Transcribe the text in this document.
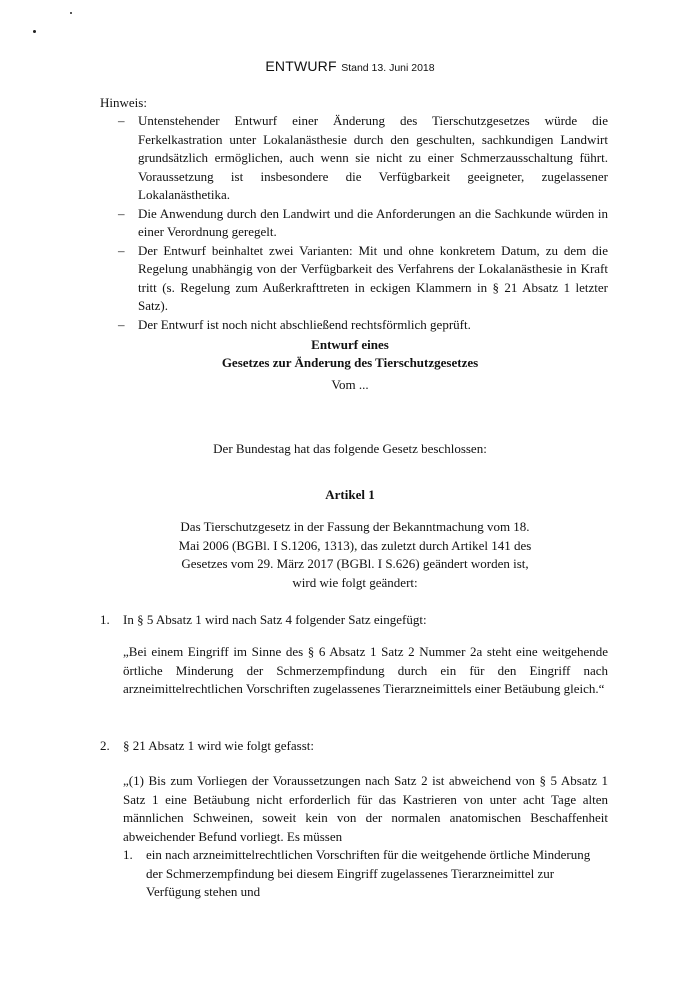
ENTWURF Stand 13. Juni 2018
Hinweis:
– Untenstehender Entwurf einer Änderung des Tierschutzgesetzes würde die Ferkelkastration unter Lokalanästhesie durch den geschulten, sachkundigen Landwirt grundsätzlich ermöglichen, auch wenn sie nicht zu einer Schmerzausschaltung führt. Voraussetzung ist insbesondere die Verfügbarkeit geeigneter, zugelassener Lokalanästhetika.
– Die Anwendung durch den Landwirt und die Anforderungen an die Sachkunde würden in einer Verordnung geregelt.
– Der Entwurf beinhaltet zwei Varianten: Mit und ohne konkretem Datum, zu dem die Regelung unabhängig von der Verfügbarkeit des Verfahrens der Lokalanästhesie in Kraft tritt (s. Regelung zum Außerkrafttreten in eckigen Klammern in § 21 Absatz 1 letzter Satz).
– Der Entwurf ist noch nicht abschließend rechtsförmlich geprüft.
Entwurf eines
Gesetzes zur Änderung des Tierschutzgesetzes
Vom ...
Der Bundestag hat das folgende Gesetz beschlossen:
Artikel 1
Das Tierschutzgesetz in der Fassung der Bekanntmachung vom 18. Mai 2006 (BGBl. I S.1206, 1313), das zuletzt durch Artikel 141 des Gesetzes vom 29. März 2017 (BGBl. I S.626) geändert worden ist, wird wie folgt geändert:
1. In § 5 Absatz 1 wird nach Satz 4 folgender Satz eingefügt:
„Bei einem Eingriff im Sinne des § 6 Absatz 1 Satz 2 Nummer 2a steht eine weitgehende örtliche Minderung der Schmerzempfindung durch ein für den Eingriff nach arzneimittelrechtlichen Vorschriften zugelassenes Tierarzneimittels einer Betäubung gleich.“
2. § 21 Absatz 1 wird wie folgt gefasst:
„(1) Bis zum Vorliegen der Voraussetzungen nach Satz 2 ist abweichend von § 5 Absatz 1 Satz 1 eine Betäubung nicht erforderlich für das Kastrieren von unter acht Tage alten männlichen Schweinen, soweit kein von der normalen anatomischen Beschaffenheit abweichender Befund vorliegt. Es müssen
1. ein nach arzneimittelrechtlichen Vorschriften für die weitgehende örtliche Minderung der Schmerzempfindung bei diesem Eingriff zugelassenes Tierarzneimittel zur Verfügung stehen und
